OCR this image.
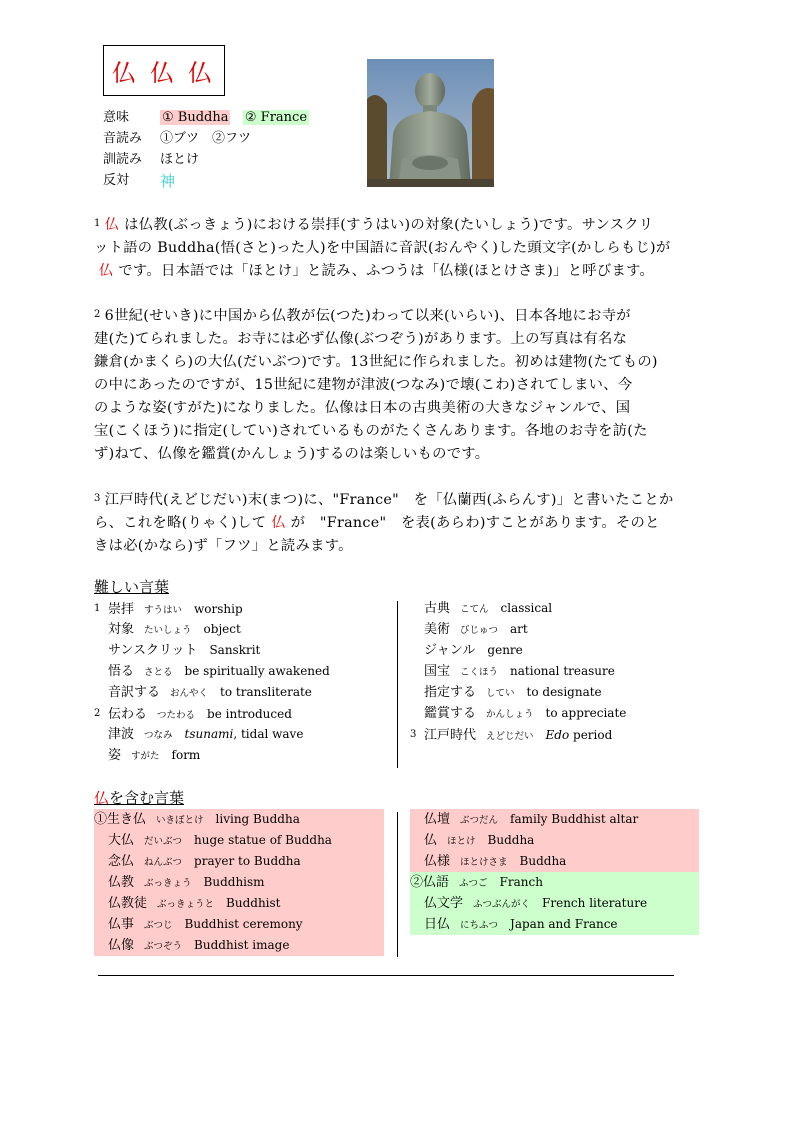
仏 仏 仏
意味	① Buddha ② France
音読み	①ブツ　②フツ
訓読み	ほとけ
反対	神
$^1$ 仏 は仏教(ぶっきょう)における崇拝(すうはい)の対象(たいしょう)です。サンスクリ
ット語の Buddha(悟(さと)った人)を中国語に音訳(おんやく)した頭文字(かしらもじ)が
仏 です。日本語では「ほとけ」と読み、ふつうは「仏様(ほとけさま)」と呼びます。
$^2$ 6世紀(せいき)に中国から仏教が伝(つた)わって以来(いらい)、日本各地にお寺が
建(た)てられました。お寺には必ず仏像(ぶつぞう)があります。上の写真は有名な
鎌倉(かまくら)の大仏(だいぶつ)です。13世紀に作られました。初めは建物(たてもの)
の中にあったのですが、15世紀に建物が津波(つなみ)で壊(こわ)されてしまい、今
のような姿(すがた)になりました。仏像は日本の古典美術の大きなジャンルで、国
宝(こくほう)に指定(してい)されているものがたくさんあります。各地のお寺を訪(た
ず)ねて、仏像を鑑賞(かんしょう)するのは楽しいものです。
$^3$ 江戸時代(えどじだい)末(まつ)に、"France"　を「仏蘭西(ふらんす)」と書いたことか
ら、これを略(りゃく)して 仏 が　"France"　を表(あらわ)すことがあります。そのと
きは必(かなら)ず「フツ」と読みます。
難しい言葉
1 崇拝 すうはい worship
対象 たいしょう object
サンスクリット Sanskrit
悟る さとる be spiritually awakened
音訳する おんやく to transliterate
2 伝わる つたわる be introduced
津波 つなみ tsunami, tidal wave
姿 すがた form
古典 こてん classical
美術 びじゅつ art
ジャンル genre
国宝 こくほう national treasure
指定する してい to designate
鑑賞する かんしょう to appreciate
3 江戸時代 えどじだい Edo period
仏を含む言葉
①生き仏 いきぼとけ living Buddha
大仏 だいぶつ huge statue of Buddha
念仏 ねんぶつ prayer to Buddha
仏教 ぶっきょう Buddhism
仏教徒 ぶっきょうと Buddhist
仏事 ぶつじ Buddhist ceremony
仏像 ぶつぞう Buddhist image
仏壇 ぶつだん family Buddhist altar
仏 ほとけ Buddha
仏様 ほとけさま Buddha
②仏語 ふつご Franch
仏文学 ふつぶんがく French literature
日仏 にちふつ Japan and France
